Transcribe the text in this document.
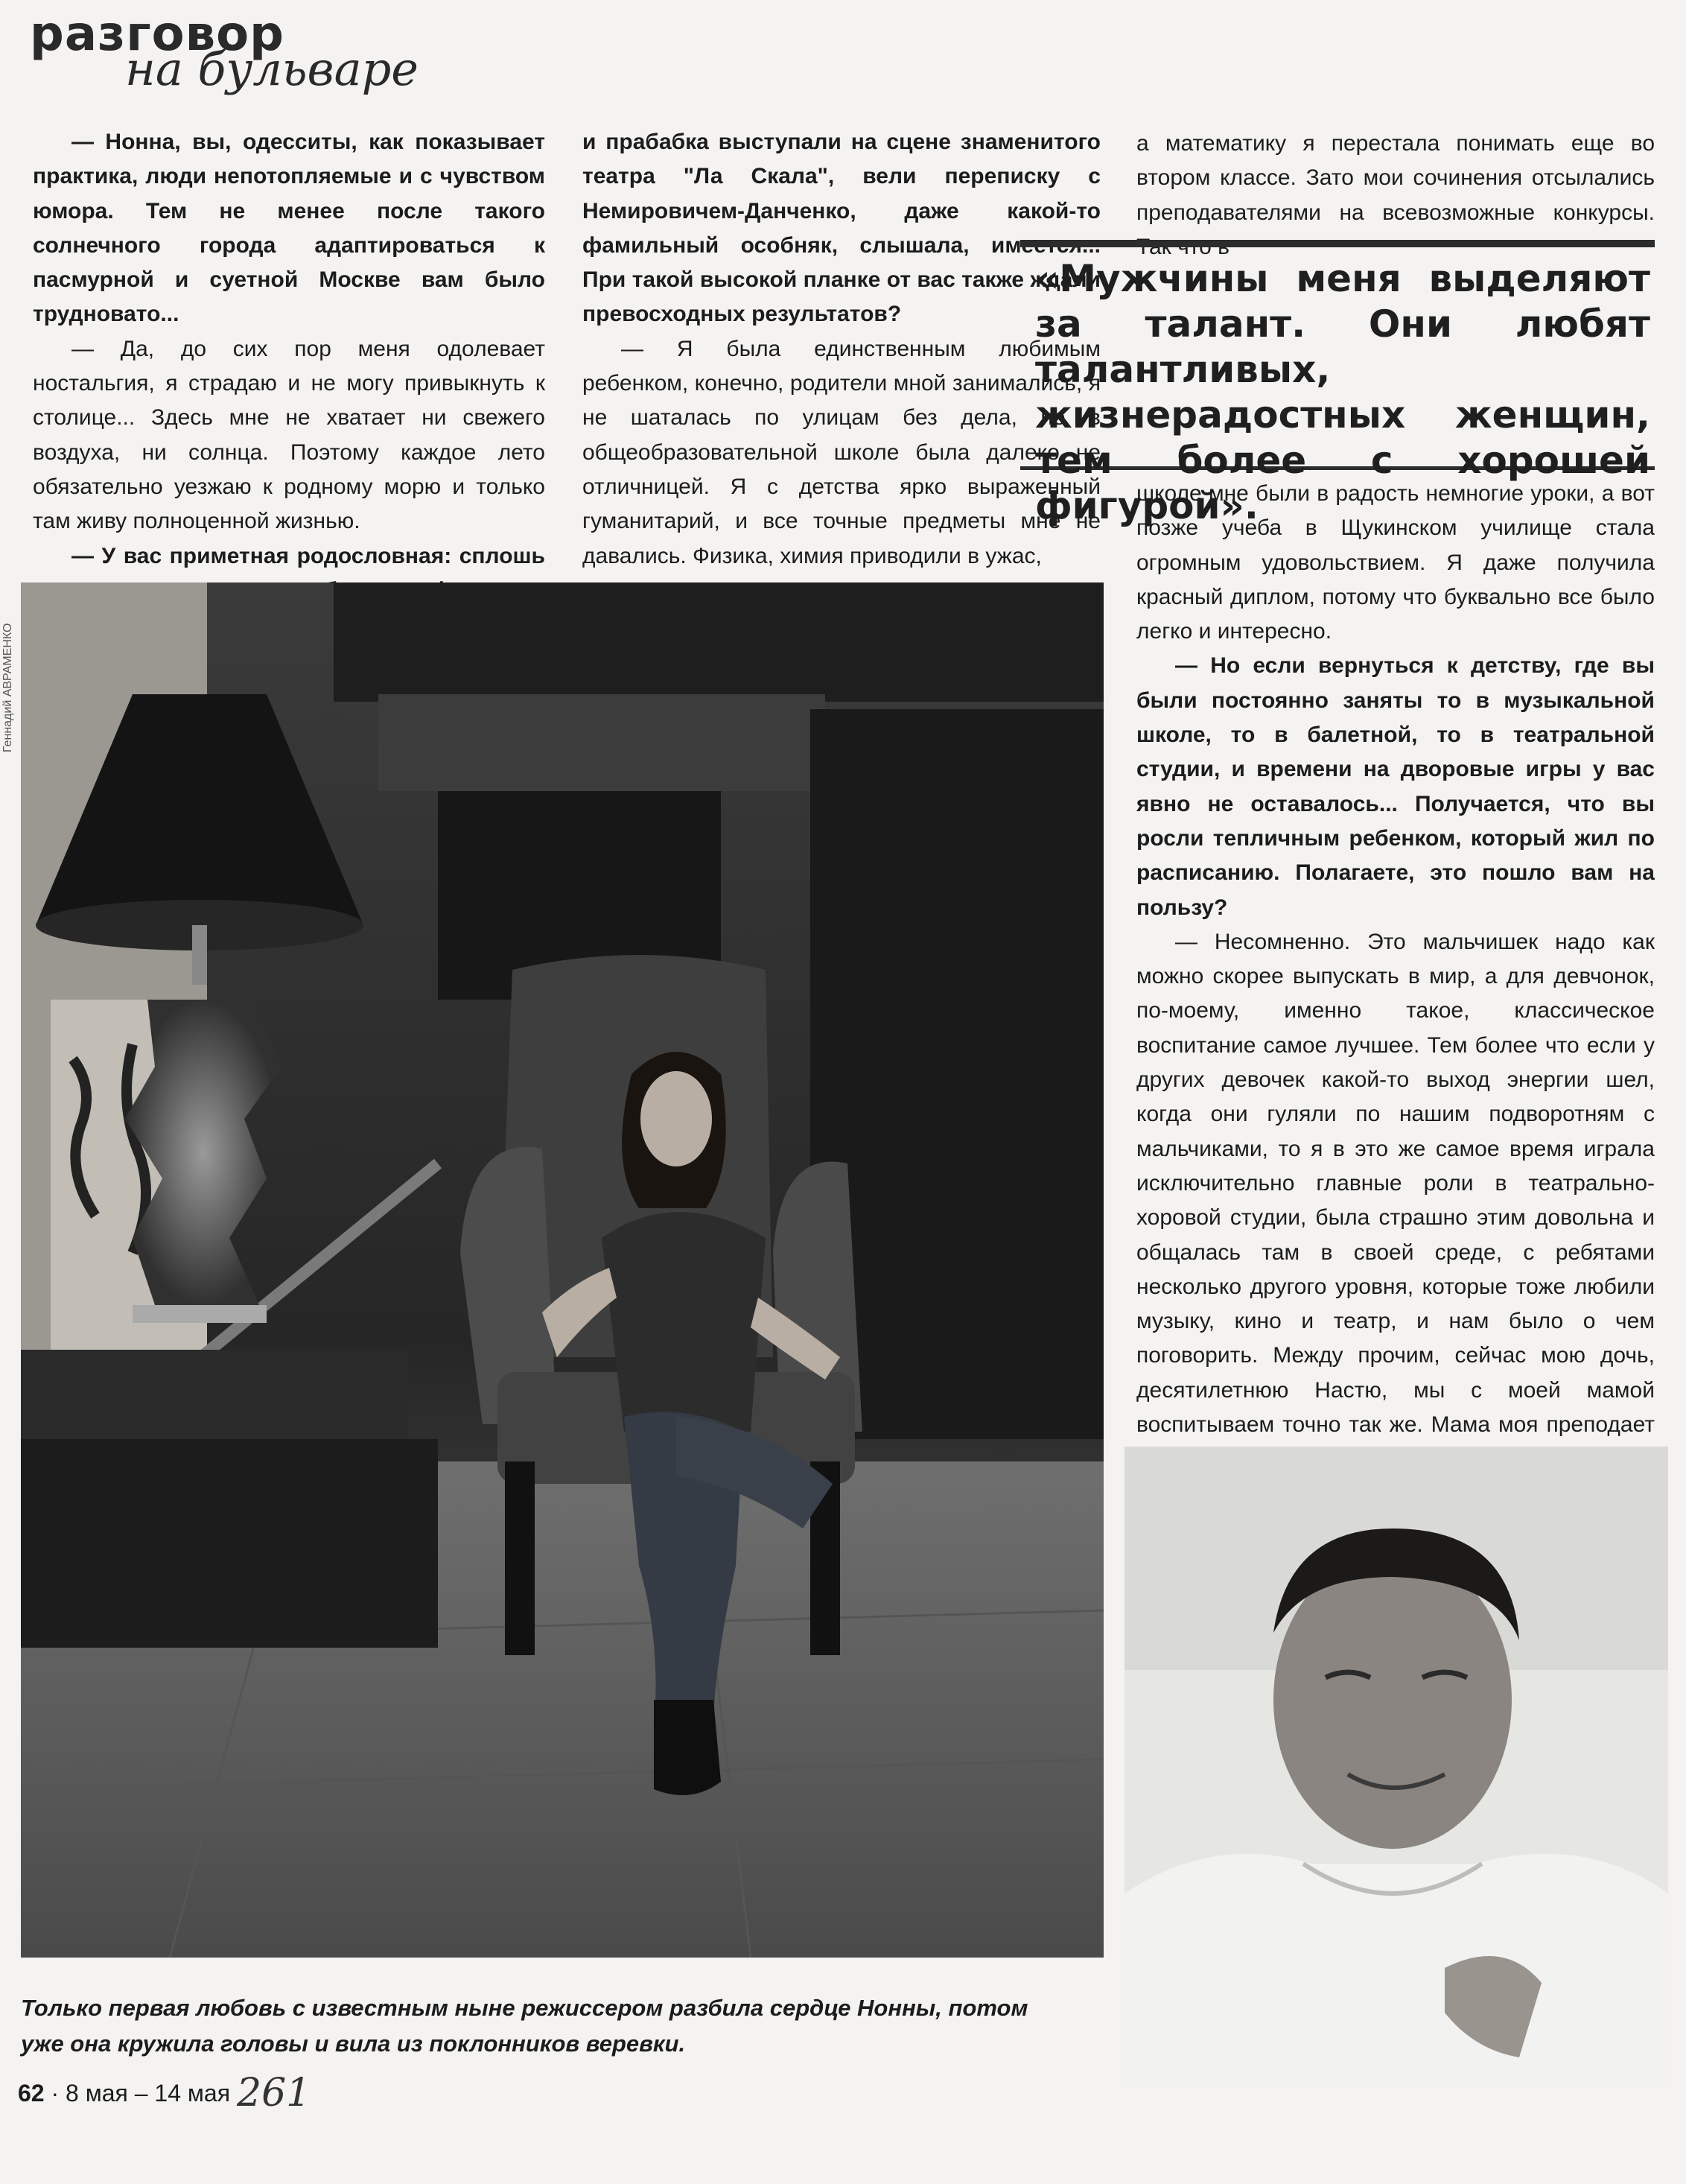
разговор
на бульваре

— Нонна, вы, одесситы, как показывает практика, люди непотопляемые и с чувством юмора. Тем не менее после такого солнечного города адаптироваться к пасмурной и суетной Москве вам было трудновато...

— Да, до сих пор меня одолевает ностальгия, я страдаю и не могу привыкнуть к столице... Здесь мне не хватает ни свежего воздуха, ни солнца. Поэтому каждое лето обязательно уезжаю к родному морю и только там живу полноценной жизнью.

— У вас приметная родословная: сплошь

и прабабка выступали на сцене знаменитого театра "Ла Скала", вели переписку с Немировичем-Данченко, даже какой-то фамильный особняк, слышала, имеется... При такой высокой планке от вас также ждали превосходных результатов?

— Я была единственным любимым ребенком, конечно, родители мной занимались, я не шаталась по улицам без дела, но в общеобразовательной школе была далеко не отличницей. Я с детства ярко выраженный гуманитарий, и все точные предметы мне не давались. Физика, химия приводили в ужас,

а математику я перестала понимать еще во втором классе. Зато мои сочинения отсылались преподавателями на всевозможные конкурсы. Так что в

«Мужчины меня выделяют за талант. Они любят талантливых, жизнерадостных женщин, тем более с хорошей фигурой».

школе мне были в радость немногие уроки, а вот позже учеба в Щукинском училище стала огромным удовольствием. Я даже получила красный диплом, потому что буквально все было легко и интересно.

— Но если вернуться к детству, где вы были постоянно заняты то в музыкальной школе, то в балетной, то в театральной студии, и времени на дворовые игры у вас явно не оставалось... Получается, что вы росли тепличным ребенком, который жил по расписанию. Полагаете, это пошло вам на пользу?

— Несомненно. Это мальчишек надо как можно скорее выпускать в мир, а для девчонок, по-моему, именно такое, классическое воспитание самое лучшее. Тем более что если у других девочек какой-то выход энергии шел, когда они гуляли по нашим подворотням с мальчиками, то я в это же самое время играла исключительно главные роли в театрально-хоровой студии, была страшно этим довольна и общалась там в своей среде, с ребятами несколько другого уровня, которые тоже любили музыку, кино и театр, и нам было о чем поговорить. Между прочим, сейчас мою дочь, десятилетнюю Настю, мы с моей мамой воспитываем точно так же. Мама моя преподает

Геннадий АВРАМЕНКО
Только первая любовь с известным ныне режиссером разбила сердце Нонны, потом уже она кружила головы и вила из поклонников веревки.
62 · 8 мая – 14 мая 261
